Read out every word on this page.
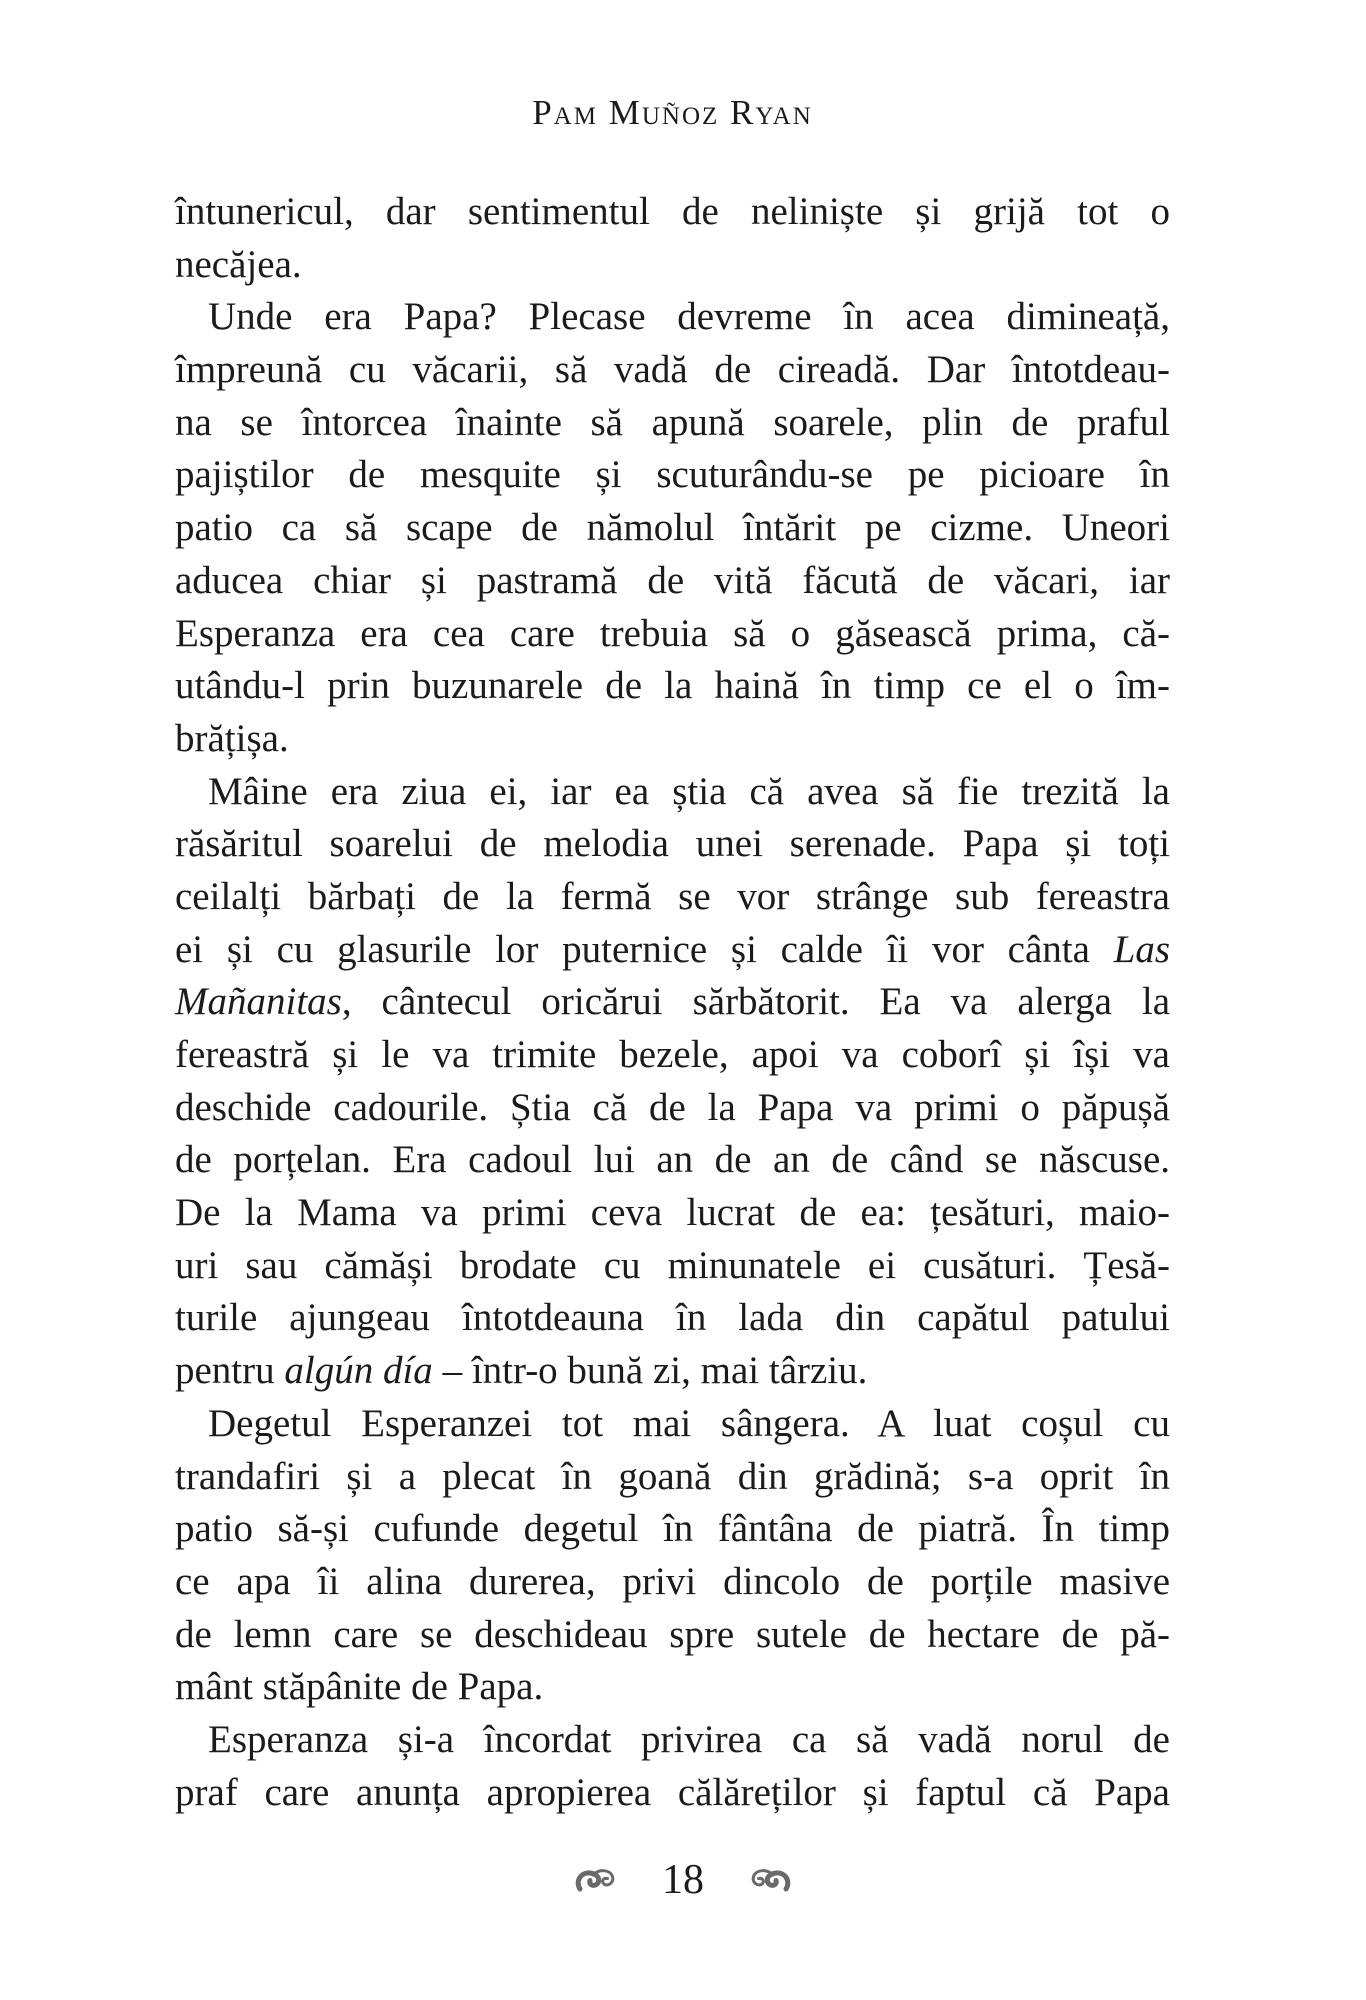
Pam Muñoz Ryan
întunericul, dar sentimentul de neliniște și grijă tot o
necăjea.
Unde era Papa? Plecase devreme în acea dimineață,
împreună cu văcarii, să vadă de cireadă. Dar întotdeau-
na se întorcea înainte să apună soarele, plin de praful
pajiștilor de mesquite și scuturându-se pe picioare în
patio ca să scape de nămolul întărit pe cizme. Uneori
aducea chiar și pastramă de vită făcută de văcari, iar
Esperanza era cea care trebuia să o găsească prima, că-
utându-l prin buzunarele de la haină în timp ce el o îm-
brățișa.
Mâine era ziua ei, iar ea știa că avea să fie trezită la
răsăritul soarelui de melodia unei serenade. Papa și toți
ceilalți bărbați de la fermă se vor strânge sub fereastra
ei și cu glasurile lor puternice și calde îi vor cânta Las
Mañanitas, cântecul oricărui sărbătorit. Ea va alerga la
fereastră și le va trimite bezele, apoi va coborî și își va
deschide cadourile. Știa că de la Papa va primi o păpușă
de porțelan. Era cadoul lui an de an de când se născuse.
De la Mama va primi ceva lucrat de ea: țesături, maio-
uri sau cămăși brodate cu minunatele ei cusături. Țesă-
turile ajungeau întotdeauna în lada din capătul patului
pentru algún día – într-o bună zi, mai târziu.
Degetul Esperanzei tot mai sângera. A luat coșul cu
trandafiri și a plecat în goană din grădină; s-a oprit în
patio să-și cufunde degetul în fântâna de piatră. În timp
ce apa îi alina durerea, privi dincolo de porțile masive
de lemn care se deschideau spre sutele de hectare de pă-
mânt stăpânite de Papa.
Esperanza și-a încordat privirea ca să vadă norul de
praf care anunța apropierea călăreților și faptul că Papa
18
